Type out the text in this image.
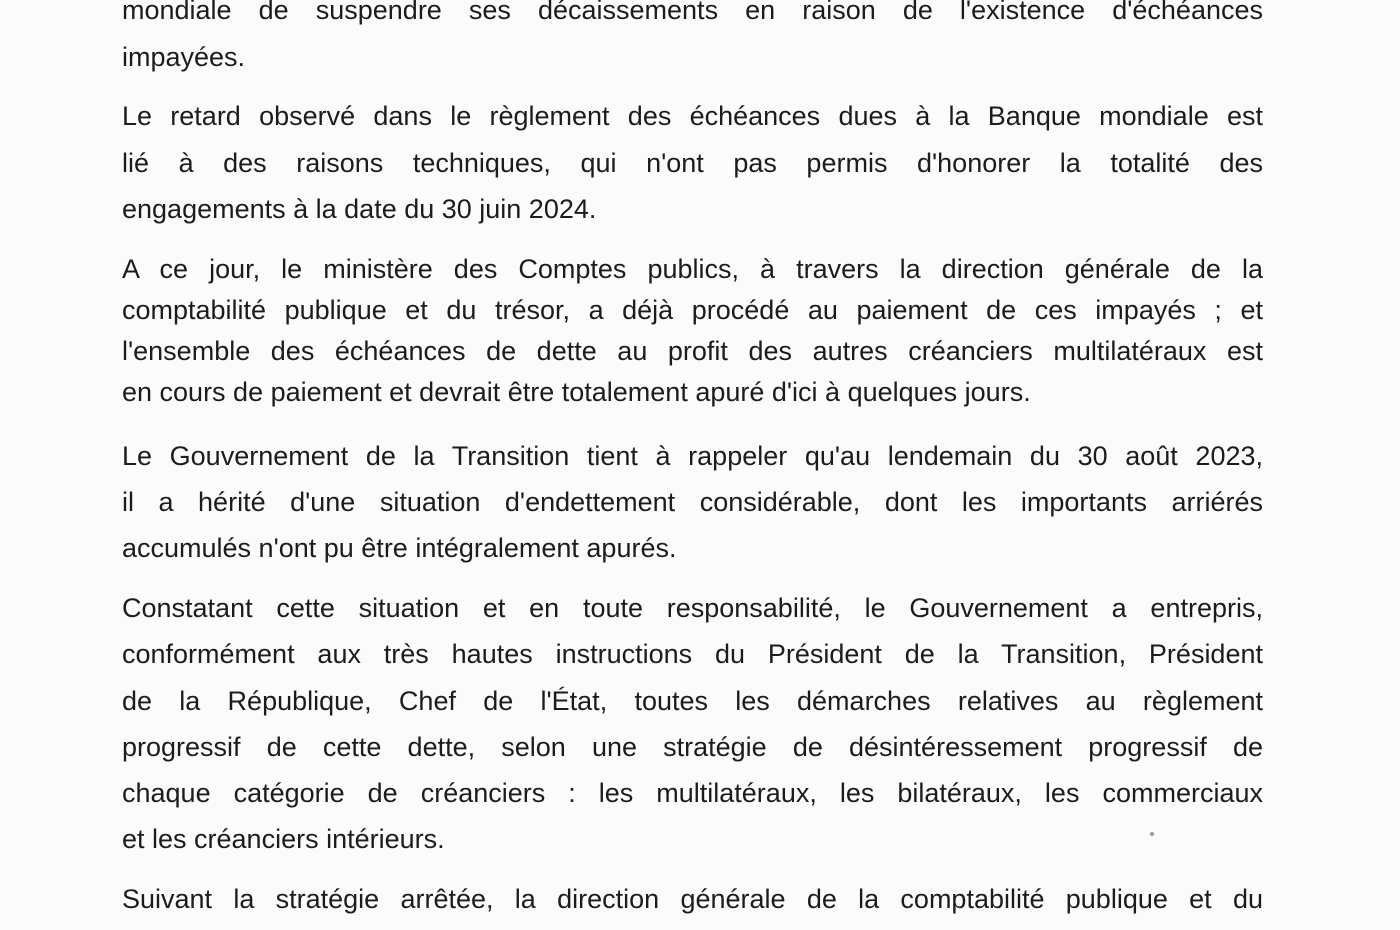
mondiale de suspendre ses décaissements en raison de l'existence d'échéances

impayées.

Le retard observé dans le règlement des échéances dues à la Banque mondiale est

lié à des raisons techniques, qui n'ont pas permis d'honorer la totalité des

engagements à la date du 30 juin 2024.

A ce jour, le ministère des Comptes publics, à travers la direction générale de la

comptabilité publique et du trésor, a déjà procédé au paiement de ces impayés ; et

l'ensemble des échéances de dette au profit des autres créanciers multilatéraux est

en cours de paiement et devrait être totalement apuré d'ici à quelques jours.

Le Gouvernement de la Transition tient à rappeler qu'au lendemain du 30 août 2023,

il a hérité d'une situation d'endettement considérable, dont les importants arriérés

accumulés n'ont pu être intégralement apurés.

Constatant cette situation et en toute responsabilité, le Gouvernement a entrepris,

conformément aux très hautes instructions du Président de la Transition, Président

de la République, Chef de l'État, toutes les démarches relatives au règlement

progressif de cette dette, selon une stratégie de désintéressement progressif de

chaque catégorie de créanciers : les multilatéraux, les bilatéraux, les commerciaux

et les créanciers intérieurs.

Suivant la stratégie arrêtée, la direction générale de la comptabilité publique et du
